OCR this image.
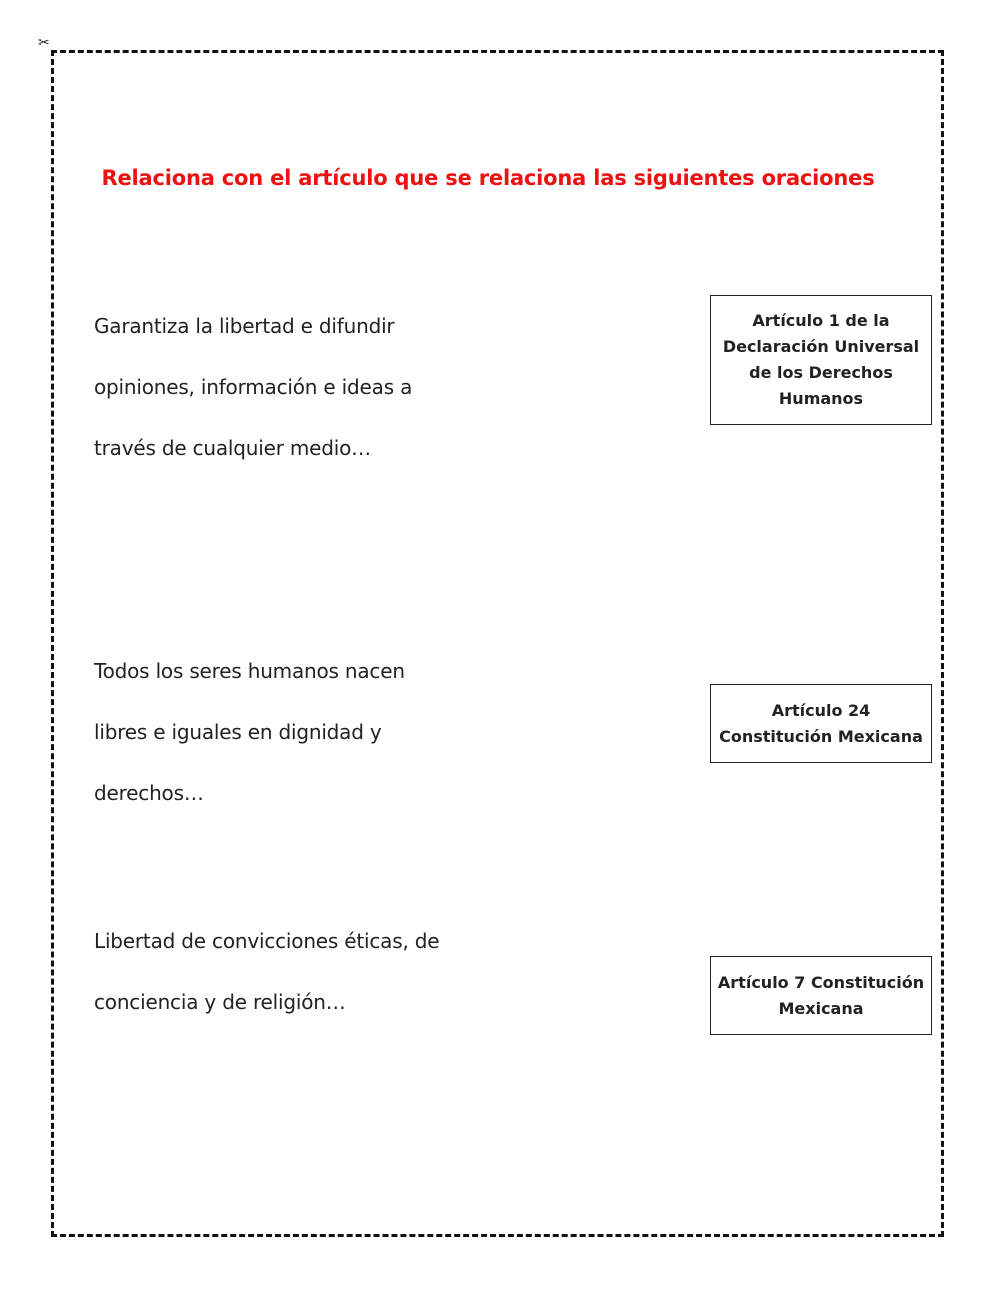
✂
Relaciona con el artículo que se relaciona las siguientes oraciones
Garantiza la libertad e difundir
opiniones, información e ideas a
través de cualquier medio…
Todos los seres humanos nacen
libres e iguales en dignidad y
derechos…
Libertad de convicciones éticas, de
conciencia y de religión…
Artículo 1 de la
Declaración Universal
de los Derechos
Humanos
Artículo 24
Constitución Mexicana
Artículo 7 Constitución
Mexicana
